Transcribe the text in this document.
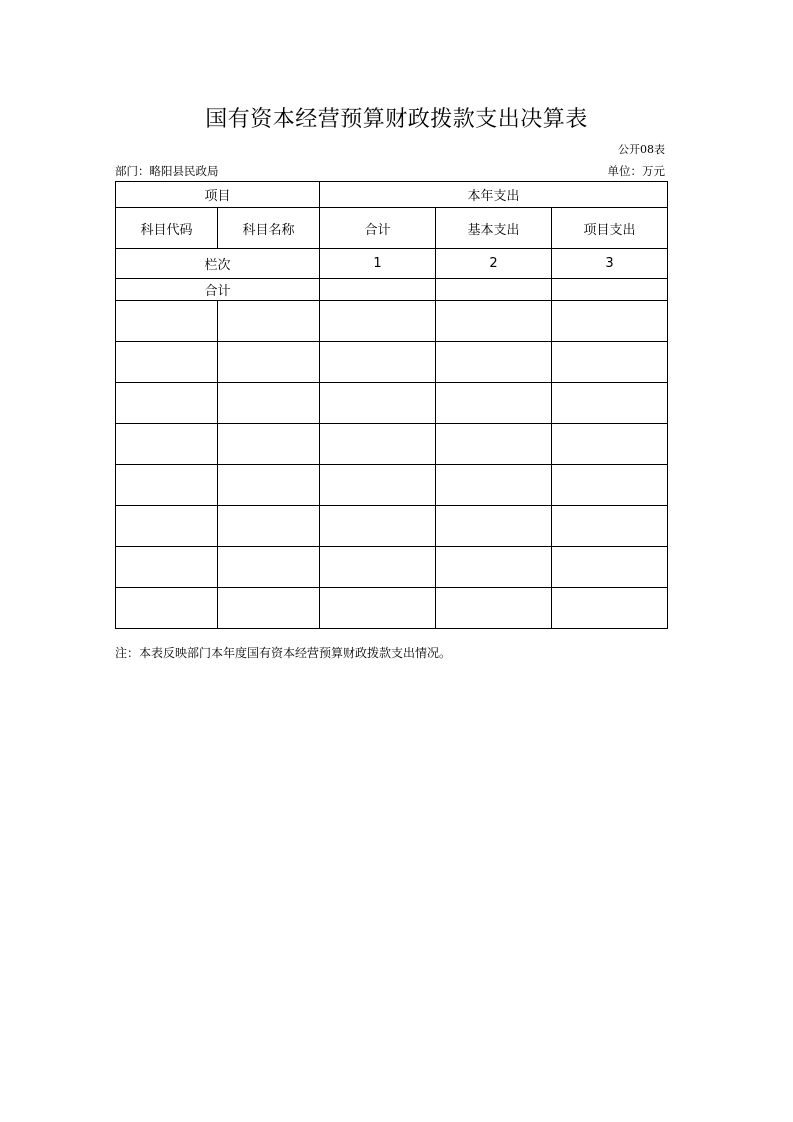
国有资本经营预算财政拨款支出决算表
公开08表
部门：略阳县民政局	单位：万元
项目		本年支出		
科目代码	科目名称	合计	基本支出	项目支出
栏次		1	2	3
合计				

注：本表反映部门本年度国有资本经营预算财政拨款支出情况。
